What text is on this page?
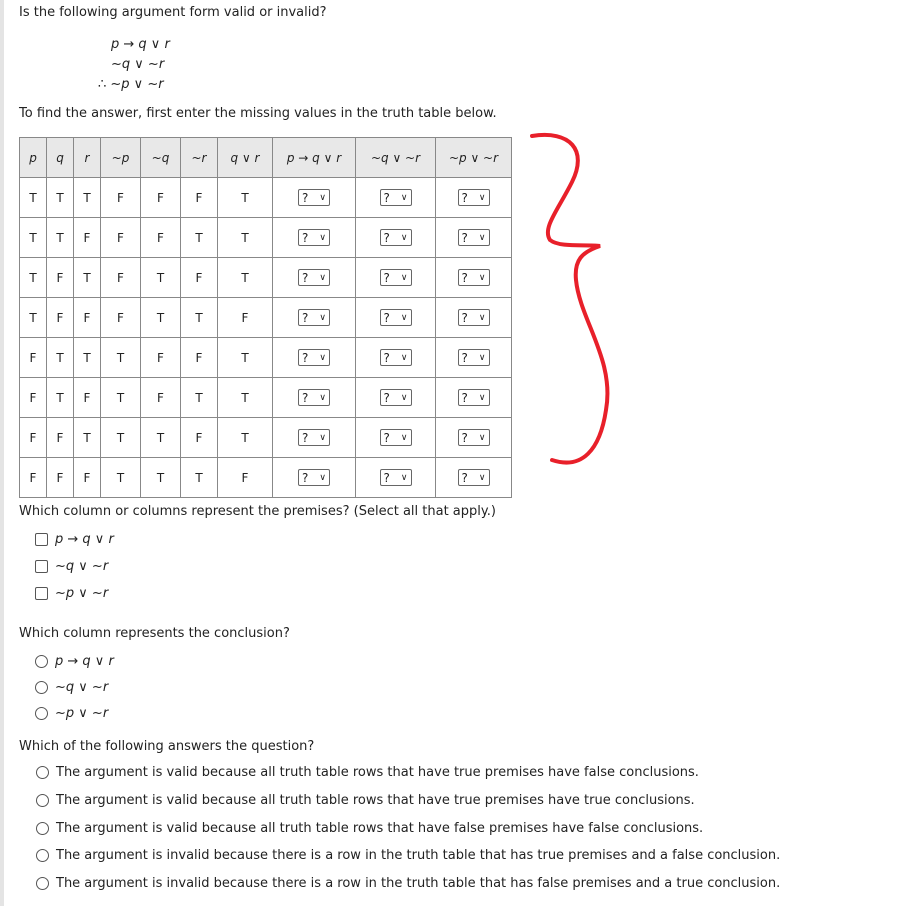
Is the following argument form valid or invalid?
p → q ∨ r
~q ∨ ~r
∴ ~p ∨ ~r
To find the answer, first enter the missing values in the truth table below.
p	q	r	~p	~q	~r	q ∨ r	p → q ∨ r	~q ∨ ~r	~p ∨ ~r
T	T	T	F	F	F	T	? ∨	? ∨	? ∨

T	T	F	F	F	T	T	? ∨	? ∨	? ∨

T	F	T	F	T	F	T	? ∨	? ∨	? ∨

T	F	F	F	T	T	F	? ∨	? ∨	? ∨

F	T	T	T	F	F	T	? ∨	? ∨	? ∨

F	T	F	T	F	T	T	? ∨	? ∨	? ∨

F	F	T	T	T	F	T	? ∨	? ∨	? ∨

F	F	F	T	T	T	F	? ∨	? ∨	? ∨
Which column or columns represent the premises? (Select all that apply.)
p → q ∨ r
~q ∨ ~r
~p ∨ ~r
Which column represents the conclusion?
p → q ∨ r
~q ∨ ~r
~p ∨ ~r
Which of the following answers the question?
The argument is valid because all truth table rows that have true premises have false conclusions.
The argument is valid because all truth table rows that have true premises have true conclusions.
The argument is valid because all truth table rows that have false premises have false conclusions.
The argument is invalid because there is a row in the truth table that has true premises and a false conclusion.
The argument is invalid because there is a row in the truth table that has false premises and a true conclusion.
